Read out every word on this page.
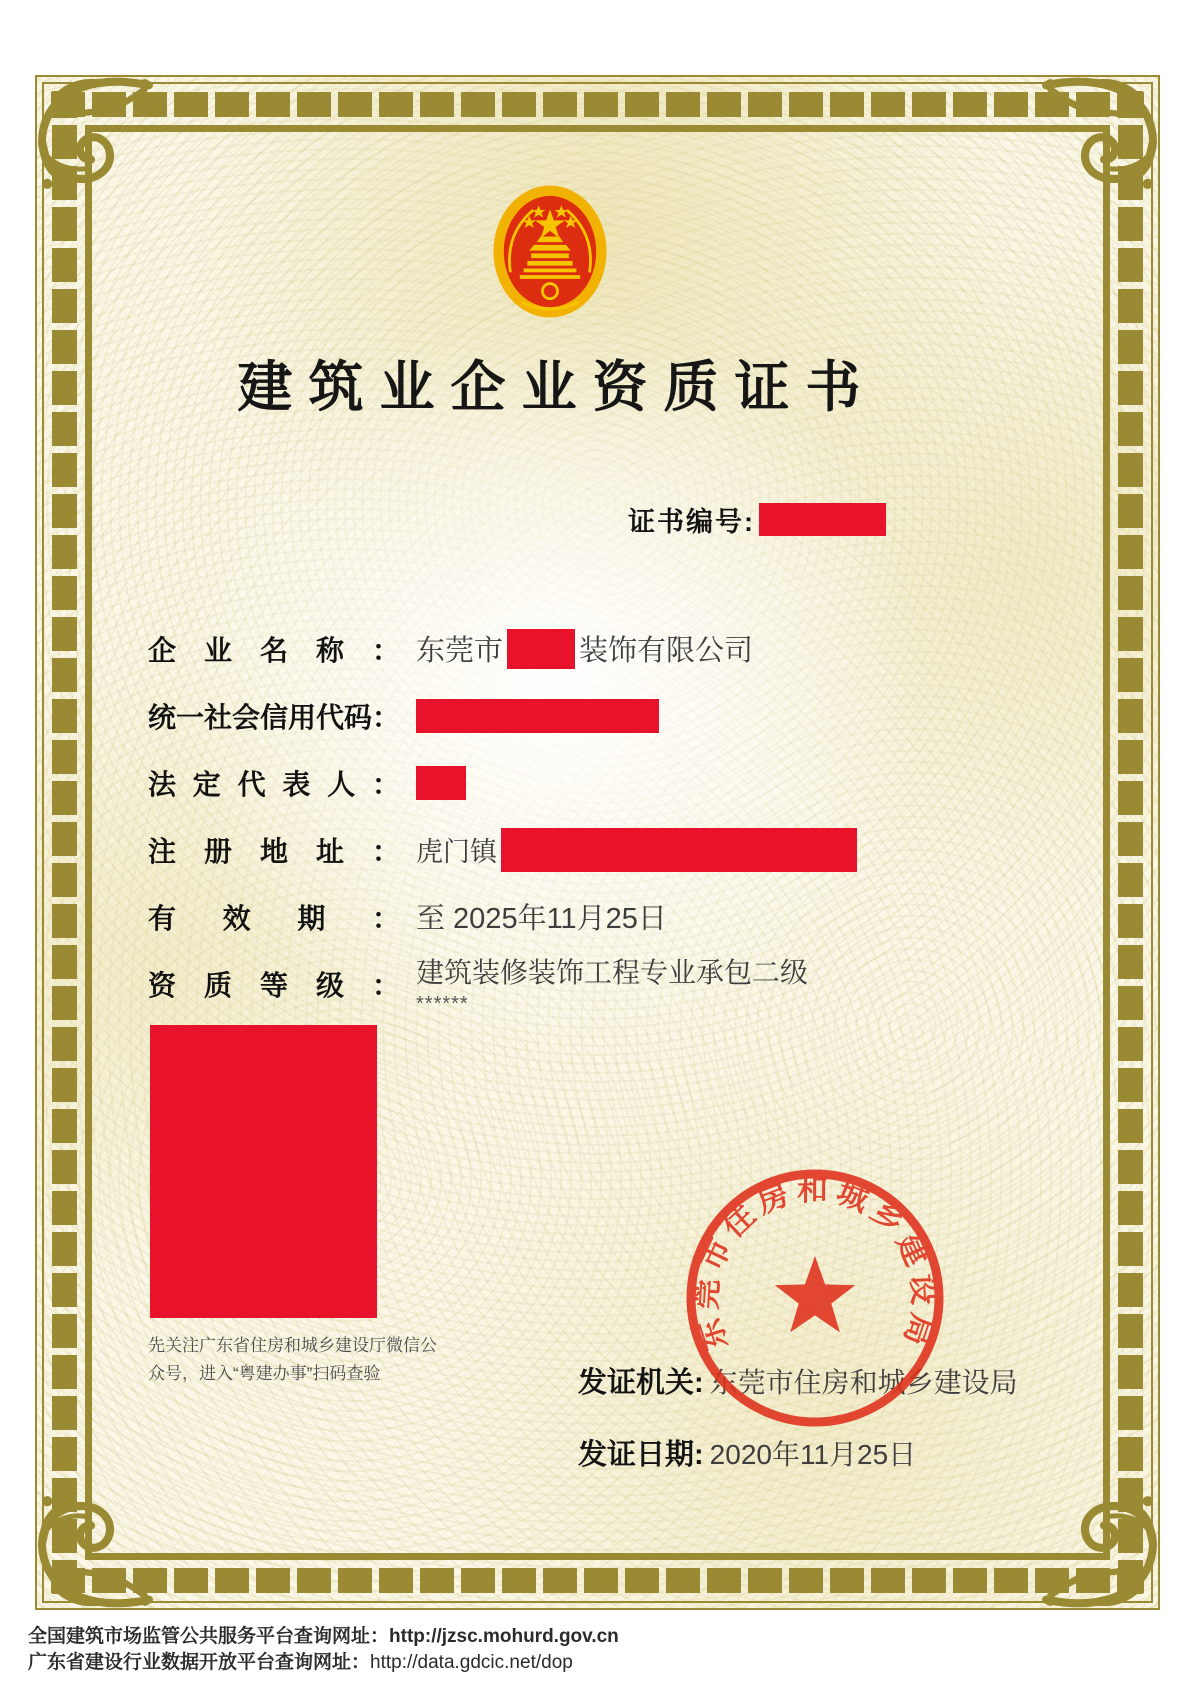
建筑业企业资质证书
证书编号:
企业名称： 东莞市	装饰有限公司
统一社会信用代码：
法定代表人：
注册地址： 虎门镇
有效期： 至 2025年11月25日
资质等级： 建筑装修装饰工程专业承包二级
******
先关注广东省住房和城乡建设厅微信公众号，进入“粤建办事”扫码查验	发证机关: 东莞市住房和城乡建设局
发证日期: 2020年11月25日
东莞市住房和城乡建设局
全国建筑市场监管公共服务平台查询网址：http://jzsc.mohurd.gov.cn
广东省建设行业数据开放平台查询网址：http://data.gdcic.net/dop
